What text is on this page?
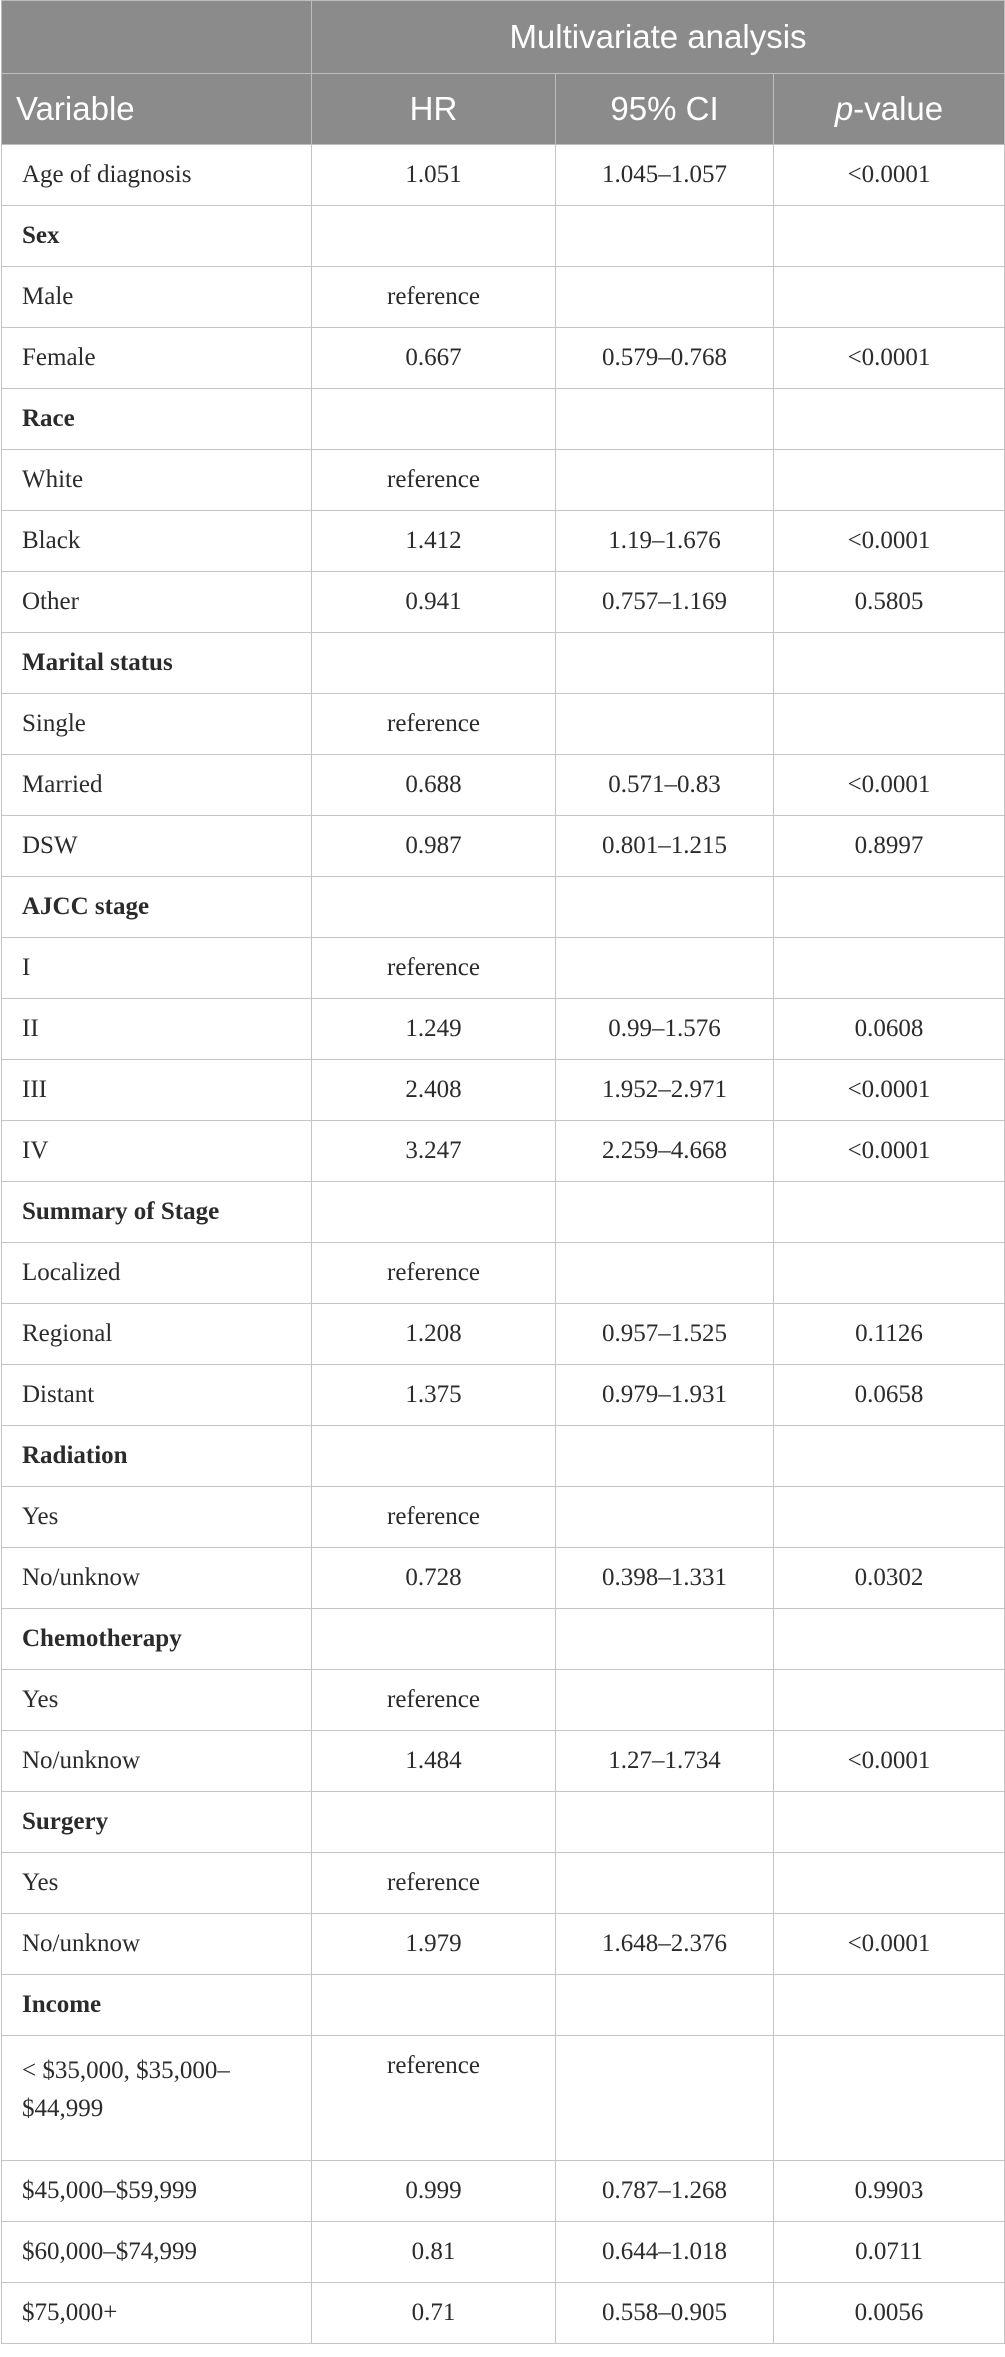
	Multivariate analysis		
Variable	HR	95% CI	p-value
Age of diagnosis	1.051	1.045–1.057	<0.0001
Sex			
Male	reference		
Female	0.667	0.579–0.768	<0.0001
Race			
White	reference		
Black	1.412	1.19–1.676	<0.0001
Other	0.941	0.757–1.169	0.5805
Marital status			
Single	reference		
Married	0.688	0.571–0.83	<0.0001
DSW	0.987	0.801–1.215	0.8997
AJCC stage			
I	reference		
II	1.249	0.99–1.576	0.0608
III	2.408	1.952–2.971	<0.0001
IV	3.247	2.259–4.668	<0.0001
Summary of Stage			
Localized	reference		
Regional	1.208	0.957–1.525	0.1126
Distant	1.375	0.979–1.931	0.0658
Radiation			
Yes	reference		
No/unknow	0.728	0.398–1.331	0.0302
Chemotherapy			
Yes	reference		
No/unknow	1.484	1.27–1.734	<0.0001
Surgery			
Yes	reference		
No/unknow	1.979	1.648–2.376	<0.0001
Income			
< $35,000, $35,000–$44,999	reference		
$45,000–$59,999	0.999	0.787–1.268	0.9903
$60,000–$74,999	0.81	0.644–1.018	0.0711
$75,000+	0.71	0.558–0.905	0.0056
